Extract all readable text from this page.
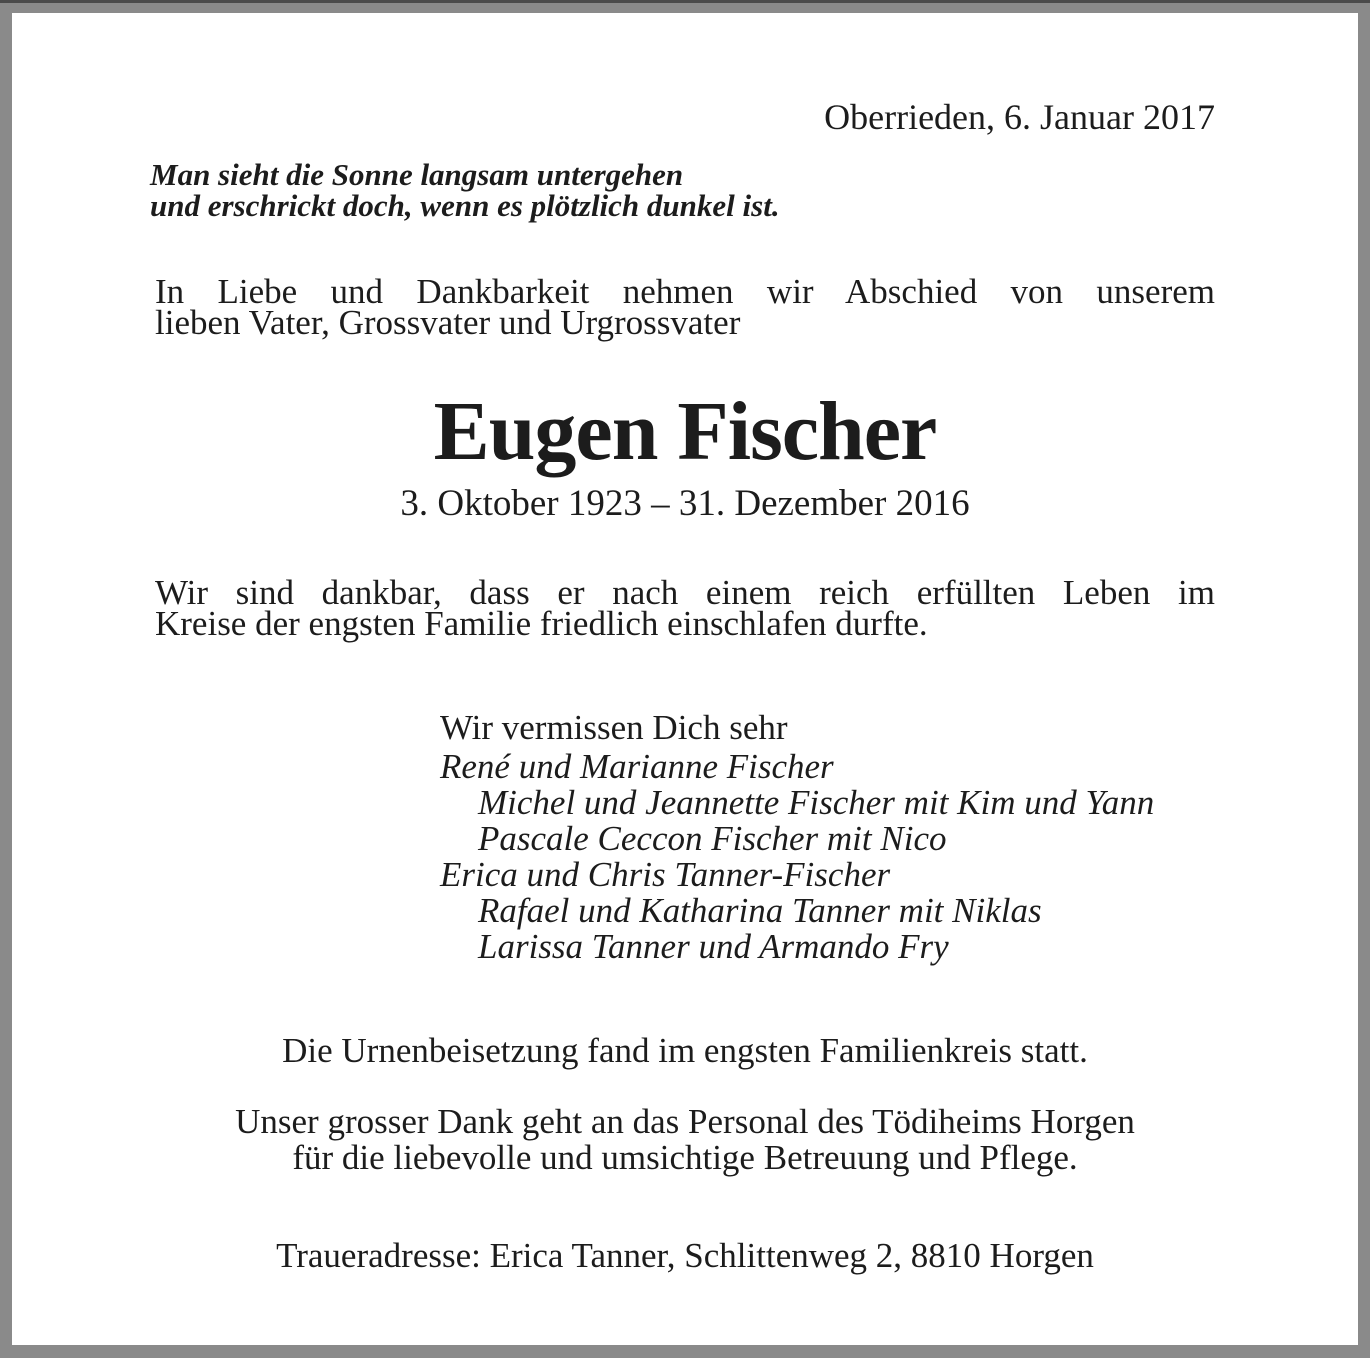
Oberrieden, 6. Januar 2017
Man sieht die Sonne langsam untergehen
und erschrickt doch, wenn es plötzlich dunkel ist.
In Liebe und Dankbarkeit nehmen wir Abschied von unserem
lieben Vater, Grossvater und Urgrossvater
Eugen Fischer
3. Oktober 1923 – 31. Dezember 2016
Wir sind dankbar, dass er nach einem reich erfüllten Leben im
Kreise der engsten Familie friedlich einschlafen durfte.
Wir vermissen Dich sehr
René und Marianne Fischer
Michel und Jeannette Fischer mit Kim und Yann
Pascale Ceccon Fischer mit Nico
Erica und Chris Tanner-Fischer
Rafael und Katharina Tanner mit Niklas
Larissa Tanner und Armando Fry
Die Urnenbeisetzung fand im engsten Familienkreis statt.
Unser grosser Dank geht an das Personal des Tödiheims Horgen
für die liebevolle und umsichtige Betreuung und Pflege.
Traueradresse: Erica Tanner, Schlittenweg 2, 8810 Horgen
